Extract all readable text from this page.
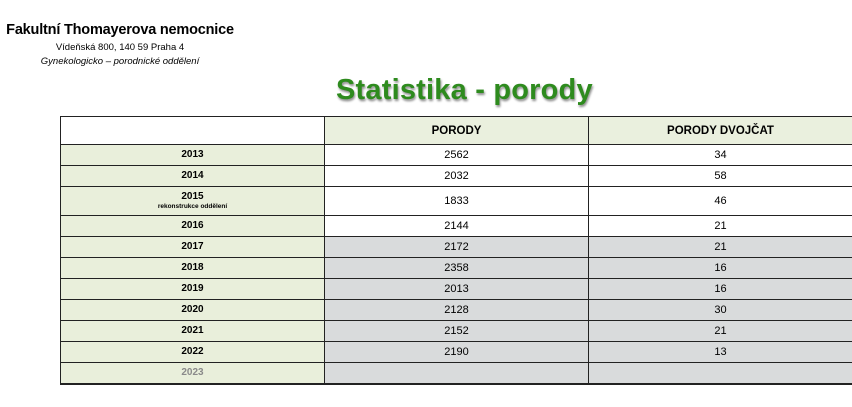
Fakultní Thomayerova nemocnice
Vídeňská 800, 140 59 Praha 4
Gynekologicko – porodnické oddělení
Statistika - porody
	PORODY	PORODY DVOJČAT

2013	2562	34

2014	2032	58

2015
rekonstrukce oddělení	1833	46

2016	2144	21

2017	2172	21

2018	2358	16

2019	2013	16

2020	2128	30

2021	2152	21

2022	2190	13

2023		
